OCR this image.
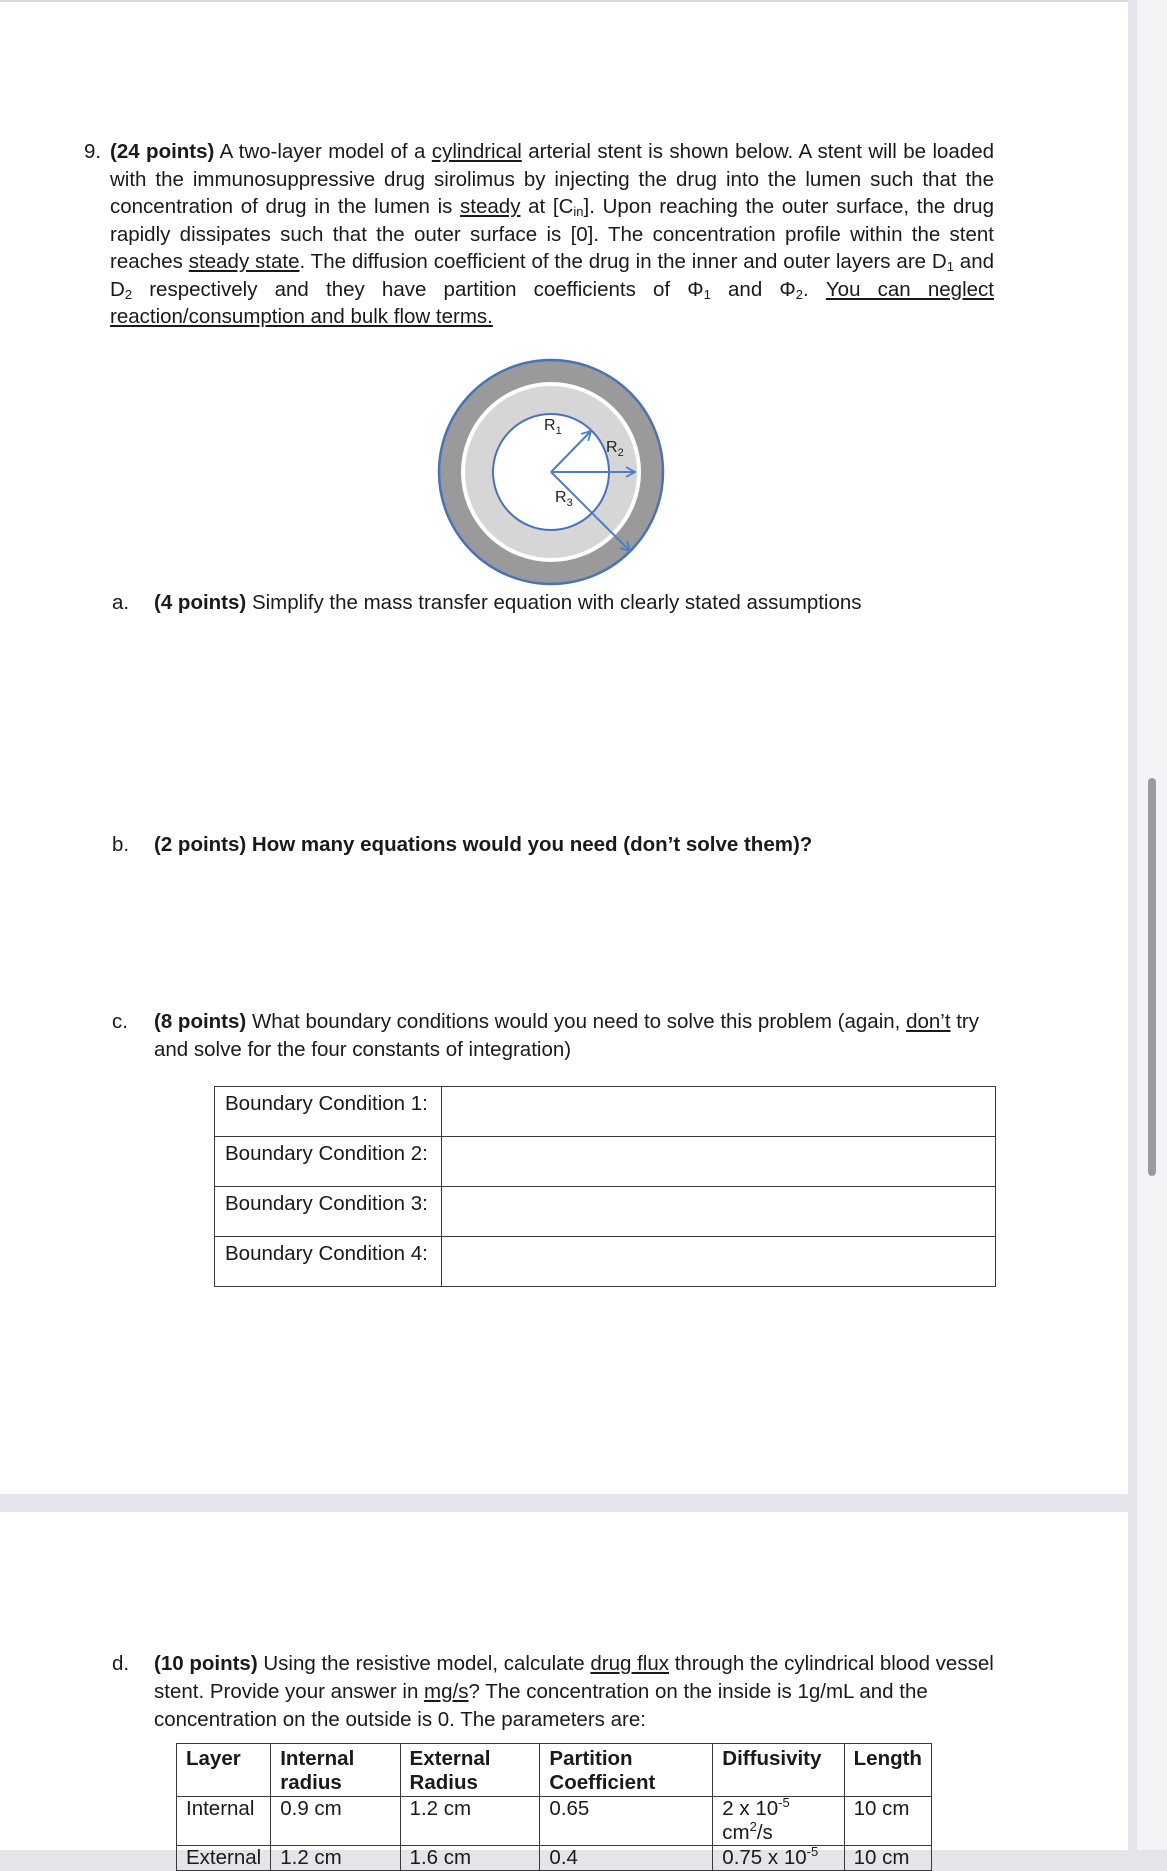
9. (24 points) A two-layer model of a cylindrical arterial stent is shown below. A stent will be loaded with the immunosuppressive drug sirolimus by injecting the drug into the lumen such that the concentration of drug in the lumen is steady at $[C_{in}]$. Upon reaching the outer surface, the drug rapidly dissipates such that the outer surface is [0]. The concentration profile within the stent reaches steady state. The diffusion coefficient of the drug in the inner and outer layers are $D_1$ and $D_2$ respectively and they have partition coefficients of $\Phi_1$ and $\Phi_2$. You can neglect reaction/consumption and bulk flow terms.
$R_1$
$R_2$
$R_3$
a. (4 points) Simplify the mass transfer equation with clearly stated assumptions
b. (2 points) How many equations would you need (don’t solve them)?
c. (8 points) What boundary conditions would you need to solve this problem (again, don’t try and solve for the four constants of integration)
Boundary Condition 1:	
Boundary Condition 2:	
Boundary Condition 3:	
Boundary Condition 4:	
d. (10 points) Using the resistive model, calculate drug flux through the cylindrical blood vessel stent. Provide your answer in mg/s? The concentration on the inside is 1g/mL and the concentration on the outside is 0. The parameters are:
Layer	Internal radius	External Radius	Partition Coefficient	Diffusivity	Length
Internal	0.9 cm	1.2 cm	0.65	2 x $10^{-5}$ $cm^2/s$	10 cm
External	1.2 cm	1.6 cm	0.4	0.75 x $10^{-5}$	10 cm
